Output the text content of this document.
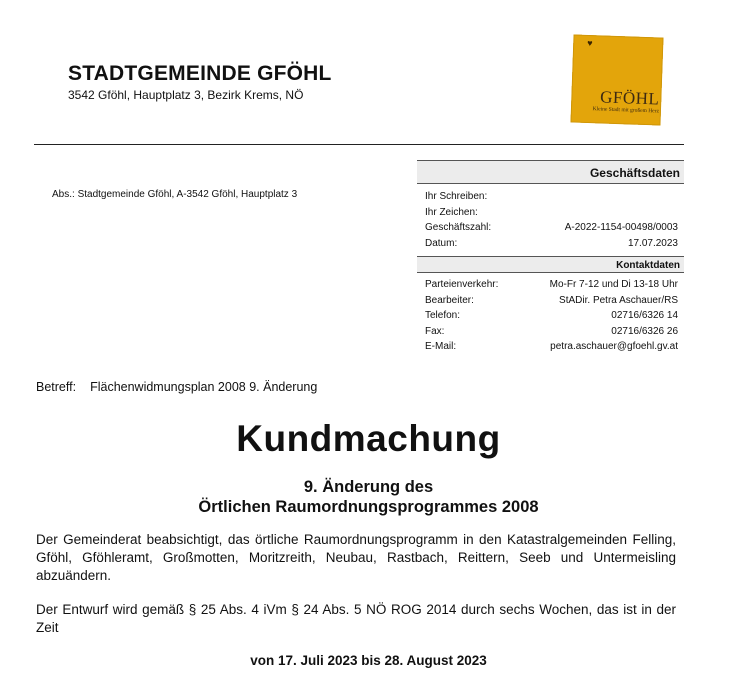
STADTGEMEINDE GFÖHL
3542 Gföhl, Hauptplatz 3, Bezirk Krems, NÖ
♥
GFÖHL
Kleine Stadt mit großem Herz
Abs.: Stadtgemeinde Gföhl, A-3542 Gföhl, Hauptplatz 3
Geschäftsdaten
Ihr Schreiben:
Ihr Zeichen:
Geschäftszahl:	A-2022-1154-00498/0003
Datum:	17.07.2023
Kontaktdaten
Parteienverkehr:	Mo-Fr 7-12 und Di 13-18 Uhr
Bearbeiter:	StADir. Petra Aschauer/RS
Telefon:	02716/6326 14
Fax:	02716/6326 26
E-Mail:	petra.aschauer@gfoehl.gv.at
Betreff: Flächenwidmungsplan 2008 9. Änderung
Kundmachung
9. Änderung des
Örtlichen Raumordnungsprogrammes 2008
Der Gemeinderat beabsichtigt, das örtliche Raumordnungsprogramm in den Katastralgemeinden Felling, Gföhl, Gföhleramt, Großmotten, Moritzreith, Neubau, Rastbach, Reittern, Seeb und Untermeisling abzuändern.
Der Entwurf wird gemäß § 25 Abs. 4 iVm § 24 Abs. 5 NÖ ROG 2014 durch sechs Wochen, das ist in der Zeit
von 17. Juli 2023 bis 28. August 2023
